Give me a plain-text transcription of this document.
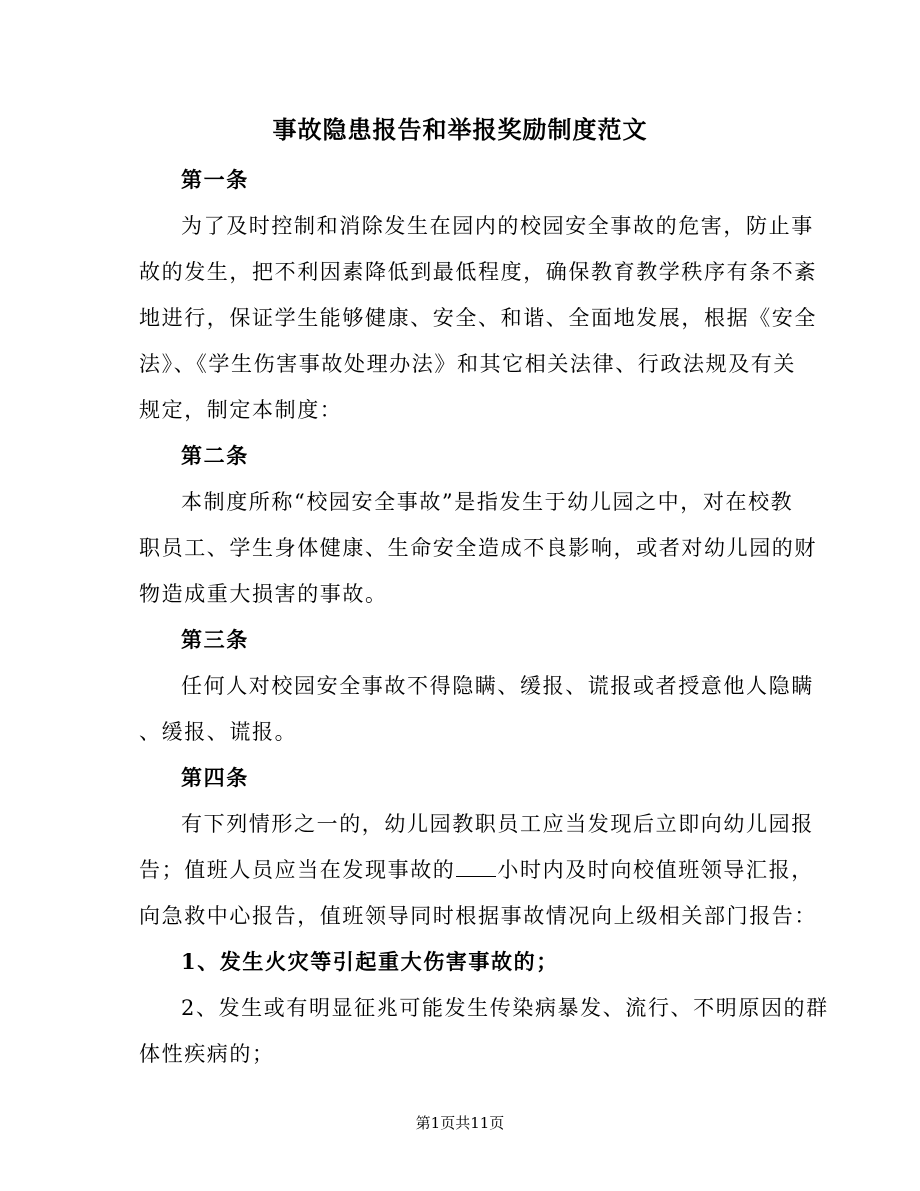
事故隐患报告和举报奖励制度范文
第一条
为了及时控制和消除发生在园内的校园安全事故的危害，防止事
故的发生，把不利因素降低到最低程度，确保教育教学秩序有条不紊
地进行，保证学生能够健康、安全、和谐、全面地发展，根据《安全
法》、《学生伤害事故处理办法》和其它相关法律、行政法规及有关
规定，制定本制度：
第二条
本制度所称“校园安全事故”是指发生于幼儿园之中，对在校教
职员工、学生身体健康、生命安全造成不良影响，或者对幼儿园的财
物造成重大损害的事故。
第三条
任何人对校园安全事故不得隐瞒、缓报、谎报或者授意他人隐瞒
、缓报、谎报。
第四条
有下列情形之一的，幼儿园教职员工应当发现后立即向幼儿园报
告；值班人员应当在发现事故的 小时内及时向校值班领导汇报，
向急救中心报告，值班领导同时根据事故情况向上级相关部门报告：
1、发生火灾等引起重大伤害事故的；
2、发生或有明显征兆可能发生传染病暴发、流行、不明原因的群
体性疾病的；
第1页共11页
